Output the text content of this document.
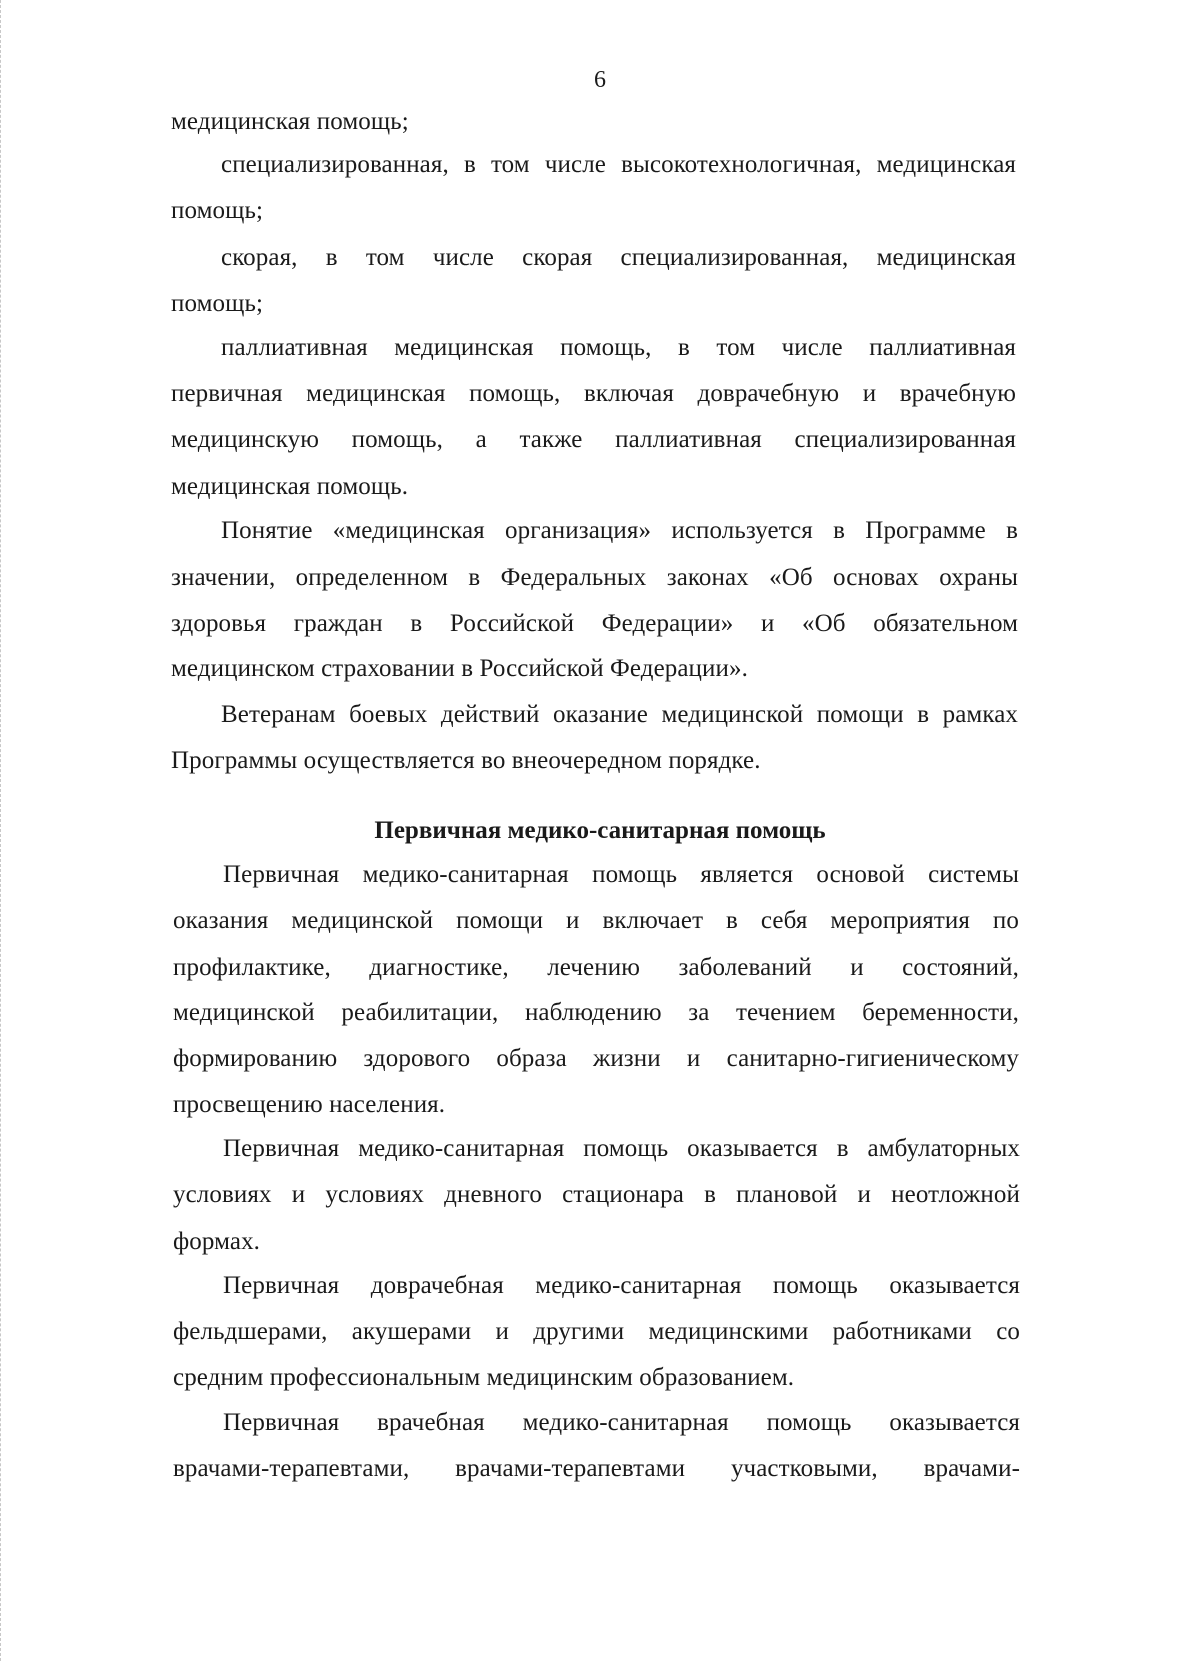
6
медицинская помощь;
специализированная, в том числе высокотехнологичная, медицинская
помощь;
скорая, в том числе скорая специализированная, медицинская
помощь;
паллиативная медицинская помощь, в том числе паллиативная
первичная медицинская помощь, включая доврачебную и врачебную
медицинскую помощь, а также паллиативная специализированная
медицинская помощь.
Понятие «медицинская организация» используется в Программе в
значении, определенном в Федеральных законах «Об основах охраны
здоровья граждан в Российской Федерации» и «Об обязательном
медицинском страховании в Российской Федерации».
Ветеранам боевых действий оказание медицинской помощи в рамках
Программы осуществляется во внеочередном порядке.
Первичная медико-санитарная помощь
Первичная медико-санитарная помощь является основой системы
оказания медицинской помощи и включает в себя мероприятия по
профилактике, диагностике, лечению заболеваний и состояний,
медицинской реабилитации, наблюдению за течением беременности,
формированию здорового образа жизни и санитарно-гигиеническому
просвещению населения.
Первичная медико-санитарная помощь оказывается в амбулаторных
условиях и условиях дневного стационара в плановой и неотложной
формах.
Первичная доврачебная медико-санитарная помощь оказывается
фельдшерами, акушерами и другими медицинскими работниками со
средним профессиональным медицинским образованием.
Первичная врачебная медико-санитарная помощь оказывается
врачами-терапевтами, врачами-терапевтами участковыми, врачами-
